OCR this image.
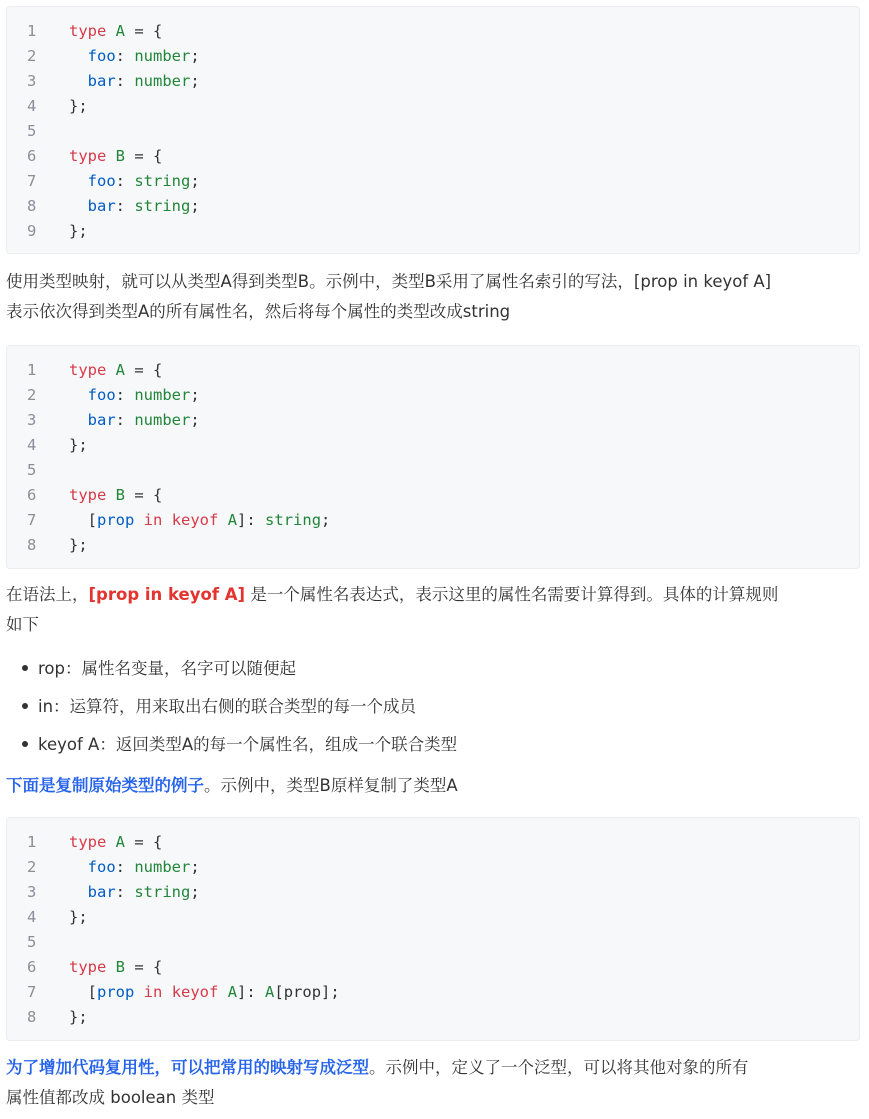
1	type A = {
2	foo: number;
3	bar: number;
4	};
5
6	type B = {
7	foo: string;
8	bar: string;
9	};
使用类型映射，就可以从类型A得到类型B。示例中，类型B采用了属性名索引的写法，[prop in keyof A]
表示依次得到类型A的所有属性名，然后将每个属性的类型改成string
1	type A = {
2	foo: number;
3	bar: number;
4	};
5
6	type B = {
7	[prop in keyof A]: string;
8	};
在语法上，[prop in keyof A] 是一个属性名表达式，表示这里的属性名需要计算得到。具体的计算规则
如下
rop：属性名变量，名字可以随便起
in：运算符，用来取出右侧的联合类型的每一个成员
keyof A：返回类型A的每一个属性名，组成一个联合类型
下面是复制原始类型的例子。示例中，类型B原样复制了类型A
1	type A = {
2	foo: number;
3	bar: string;
4	};
5
6	type B = {
7	[prop in keyof A]: A[prop];
8	};
为了增加代码复用性，可以把常用的映射写成泛型。示例中，定义了一个泛型，可以将其他对象的所有
属性值都改成 boolean 类型
